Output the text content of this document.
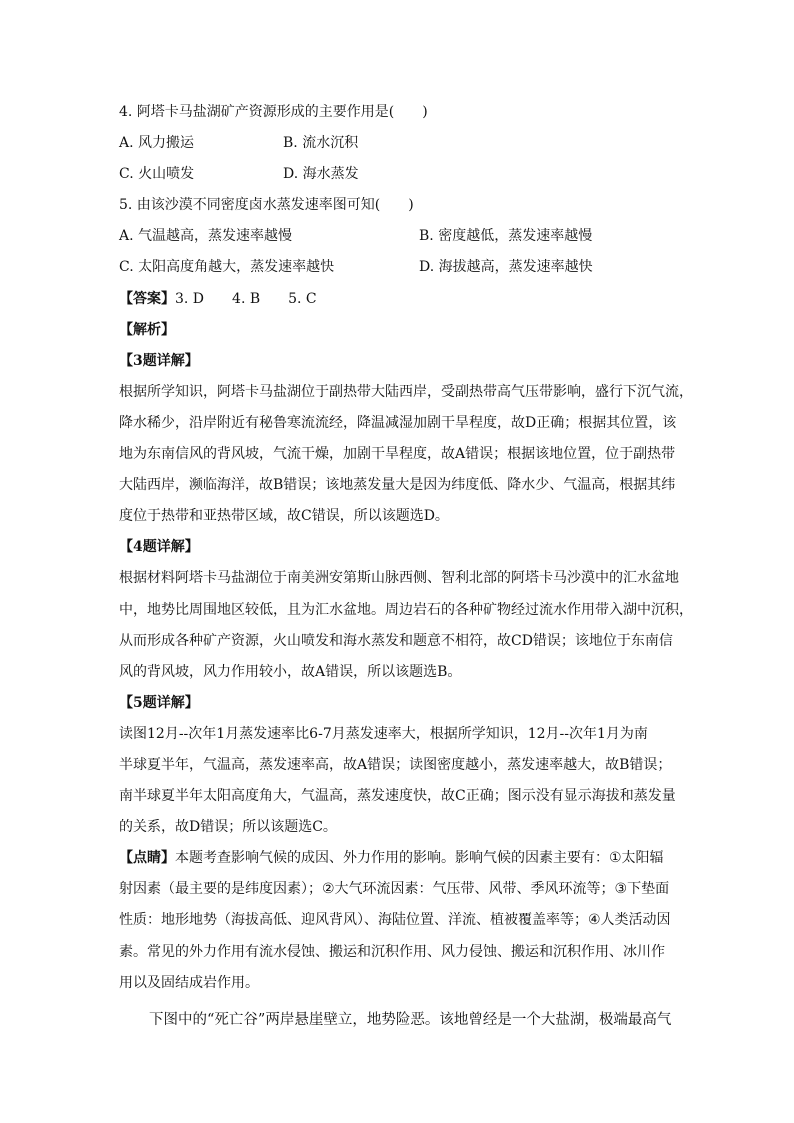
4. 阿塔卡马盐湖矿产资源形成的主要作用是(　　)
A. 风力搬运	B. 流水沉积
C. 火山喷发	D. 海水蒸发
5. 由该沙漠不同密度卤水蒸发速率图可知(　　)
A. 气温越高，蒸发速率越慢	B. 密度越低，蒸发速率越慢
C. 太阳高度角越大，蒸发速率越快	D. 海拔越高，蒸发速率越快
【答案】3. D　　4. B　　5. C
【解析】
【3题详解】
根据所学知识，阿塔卡马盐湖位于副热带大陆西岸，受副热带高气压带影响，盛行下沉气流，
降水稀少，沿岸附近有秘鲁寒流流经，降温减湿加剧干旱程度，故D正确；根据其位置，该
地为东南信风的背风坡，气流干燥，加剧干旱程度，故A错误；根据该地位置，位于副热带
大陆西岸，濒临海洋，故B错误；该地蒸发量大是因为纬度低、降水少、气温高，根据其纬
度位于热带和亚热带区域，故C错误，所以该题选D。
【4题详解】
根据材料阿塔卡马盐湖位于南美洲安第斯山脉西侧、智利北部的阿塔卡马沙漠中的汇水盆地
中，地势比周围地区较低，且为汇水盆地。周边岩石的各种矿物经过流水作用带入湖中沉积，
从而形成各种矿产资源，火山喷发和海水蒸发和题意不相符，故CD错误；该地位于东南信
风的背风坡，风力作用较小，故A错误，所以该题选B。
【5题详解】
读图12月--次年1月蒸发速率比6-7月蒸发速率大，根据所学知识，12月--次年1月为南
半球夏半年，气温高，蒸发速率高，故A错误；读图密度越小，蒸发速率越大，故B错误；
南半球夏半年太阳高度角大，气温高，蒸发速度快，故C正确；图示没有显示海拔和蒸发量
的关系，故D错误；所以该题选C。
【点睛】本题考查影响气候的成因、外力作用的影响。影响气候的因素主要有：①太阳辐
射因素（最主要的是纬度因素）；②大气环流因素：气压带、风带、季风环流等；③下垫面
性质：地形地势（海拔高低、迎风背风）、海陆位置、洋流、植被覆盖率等；④人类活动因
素。常见的外力作用有流水侵蚀、搬运和沉积作用、风力侵蚀、搬运和沉积作用、冰川作
用以及固结成岩作用。
下图中的“死亡谷”两岸悬崖壁立，地势险恶。该地曾经是一个大盐湖，极端最高气
